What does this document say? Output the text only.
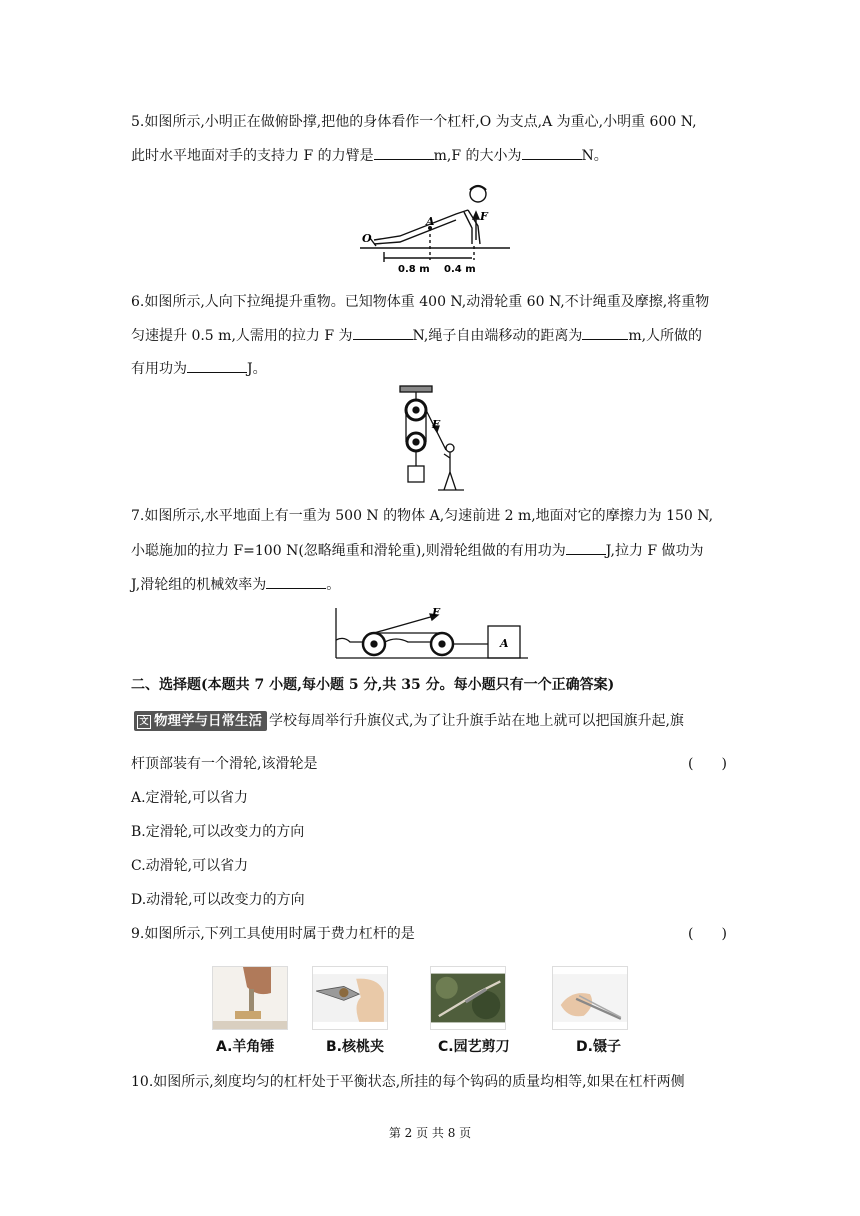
5.如图所示,小明正在做俯卧撑,把他的身体看作一个杠杆,O 为支点,A 为重心,小明重 600 N,
此时水平地面对手的支持力 F 的力臂是	m,F 的大小为	N。
O
A	F
0.8 m 0.4 m
6.如图所示,人向下拉绳提升重物。已知物体重 400 N,动滑轮重 60 N,不计绳重及摩擦,将重物
匀速提升 0.5 m,人需用的拉力 F 为	N,绳子自由端移动的距离为	m,人所做的
有用功为	J。
F
7.如图所示,水平地面上有一重为 500 N 的物体 A,匀速前进 2 m,地面对它的摩擦力为 150 N,
小聪施加的拉力 F=100 N(忽略绳重和滑轮重),则滑轮组做的有用功为	J,拉力 F 做功为
J,滑轮组的机械效率为	。
F
A
二、选择题(本题共 7 小题,每小题 5 分,共 35 分。每小题只有一个正确答案)
文 物理学与日常生活 学校每周举行升旗仪式,为了让升旗手站在地上就可以把国旗升起,旗
杆顶部装有一个滑轮,该滑轮是	(　　)
A.定滑轮,可以省力
B.定滑轮,可以改变力的方向
C.动滑轮,可以省力
D.动滑轮,可以改变力的方向
9.如图所示,下列工具使用时属于费力杠杆的是	(　　)
A.羊角锤	B.核桃夹	C.园艺剪刀	D.镊子
10.如图所示,刻度均匀的杠杆处于平衡状态,所挂的每个钩码的质量均相等,如果在杠杆两侧
第 2 页 共 8 页
